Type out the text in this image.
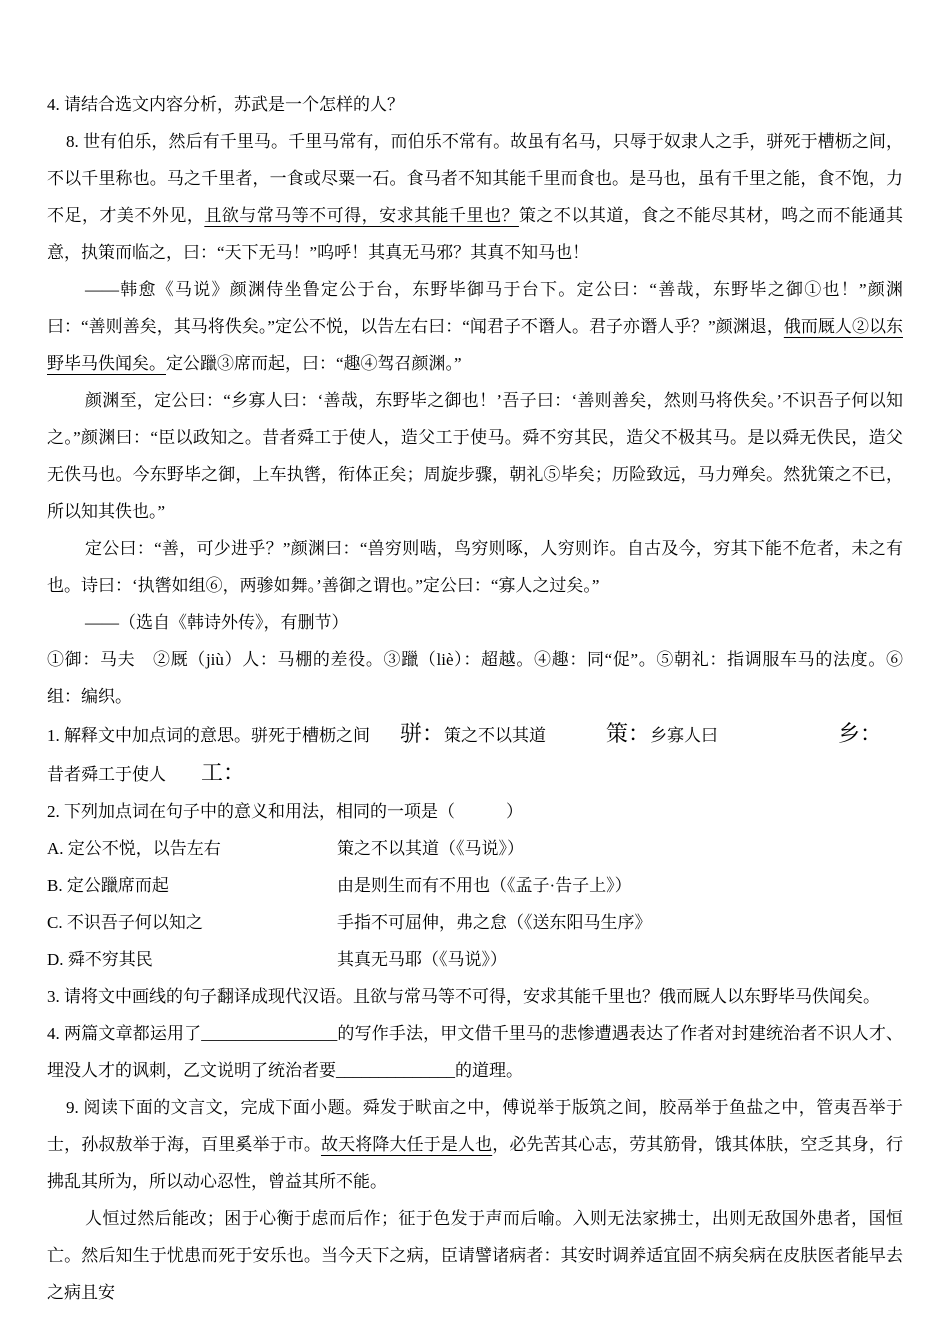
4. 请结合选文内容分析，苏武是一个怎样的人？

8. 世有伯乐，然后有千里马。千里马常有，而伯乐不常有。故虽有名马，只辱于奴隶人之手，骈死于槽枥之间，不以千里称也。马之千里者，一食或尽粟一石。食马者不知其能千里而食也。是马也，虽有千里之能，食不饱，力不足，才美不外见，且欲与常马等不可得，安求其能千里也？策之不以其道，食之不能尽其材，鸣之而不能通其意，执策而临之，曰：“天下无马！”呜呼！其真无马邪？其真不知马也！

——韩愈《马说》颜渊侍坐鲁定公于台，东野毕御马于台下。定公曰：“善哉，东野毕之御①也！”颜渊曰：“善则善矣，其马将佚矣。”定公不悦，以告左右曰：“闻君子不谮人。君子亦谮人乎？”颜渊退，俄而厩人②以东野毕马佚闻矣。定公躐③席而起，曰：“趣④驾召颜渊。”

颜渊至，定公曰：“乡寡人曰：‘善哉，东野毕之御也！’吾子曰：‘善则善矣，然则马将佚矣。’不识吾子何以知之。”颜渊曰：“臣以政知之。昔者舜工于使人，造父工于使马。舜不穷其民，造父不极其马。是以舜无佚民，造父无佚马也。今东野毕之御，上车执辔，衔体正矣；周旋步骤，朝礼⑤毕矣；历险致远，马力殚矣。然犹策之不已，所以知其佚也。”

定公曰：“善，可少进乎？”颜渊曰：“兽穷则啮，鸟穷则啄，人穷则诈。自古及今，穷其下能不危者，未之有也。诗曰：‘执辔如组⑥，两骖如舞。’善御之谓也。”定公曰：“寡人之过矣。”

——（选自《韩诗外传》，有删节）

①御：马夫　②厩（jiù）人：马棚的差役。③躐（liè）：超越。④趣：同“促”。⑤朝礼：指调服车马的法度。⑥组：编织。

1. 解释文中加点词的意思。骈死于槽枥之间 骈：策之不以其道	策：乡寡人曰	乡：
昔者舜工于使人 工：

2. 下列加点词在句子中的意义和用法，相同的一项是（　　　）

A. 定公不悦，以告左右	策之不以其道（《马说》）

B. 定公躐席而起	由是则生而有不用也（《孟子·告子上》）

C. 不识吾子何以知之	手指不可屈伸，弗之怠（《送东阳马生序》

D. 舜不穷其民	其真无马耶（《马说》）

3. 请将文中画线的句子翻译成现代汉语。且欲与常马等不可得，安求其能千里也？俄而厩人以东野毕马佚闻矣。

4. 两篇文章都运用了________________的写作手法，甲文借千里马的悲惨遭遇表达了作者对封建统治者不识人才、埋没人才的讽刺，乙文说明了统治者要______________的道理。

9. 阅读下面的文言文，完成下面小题。舜发于畎亩之中，傅说举于版筑之间，胶鬲举于鱼盐之中，管夷吾举于士，孙叔敖举于海，百里奚举于市。故天将降大任于是人也，必先苦其心志，劳其筋骨，饿其体肤，空乏其身，行拂乱其所为，所以动心忍性，曾益其所不能。

人恒过然后能改；困于心衡于虑而后作；征于色发于声而后喻。入则无法家拂士，出则无敌国外患者，国恒亡。然后知生于忧患而死于安乐也。当今天下之病，臣请譬诸病者：其安时调养适宜固不病矣病在皮肤医者能早去之病且安
